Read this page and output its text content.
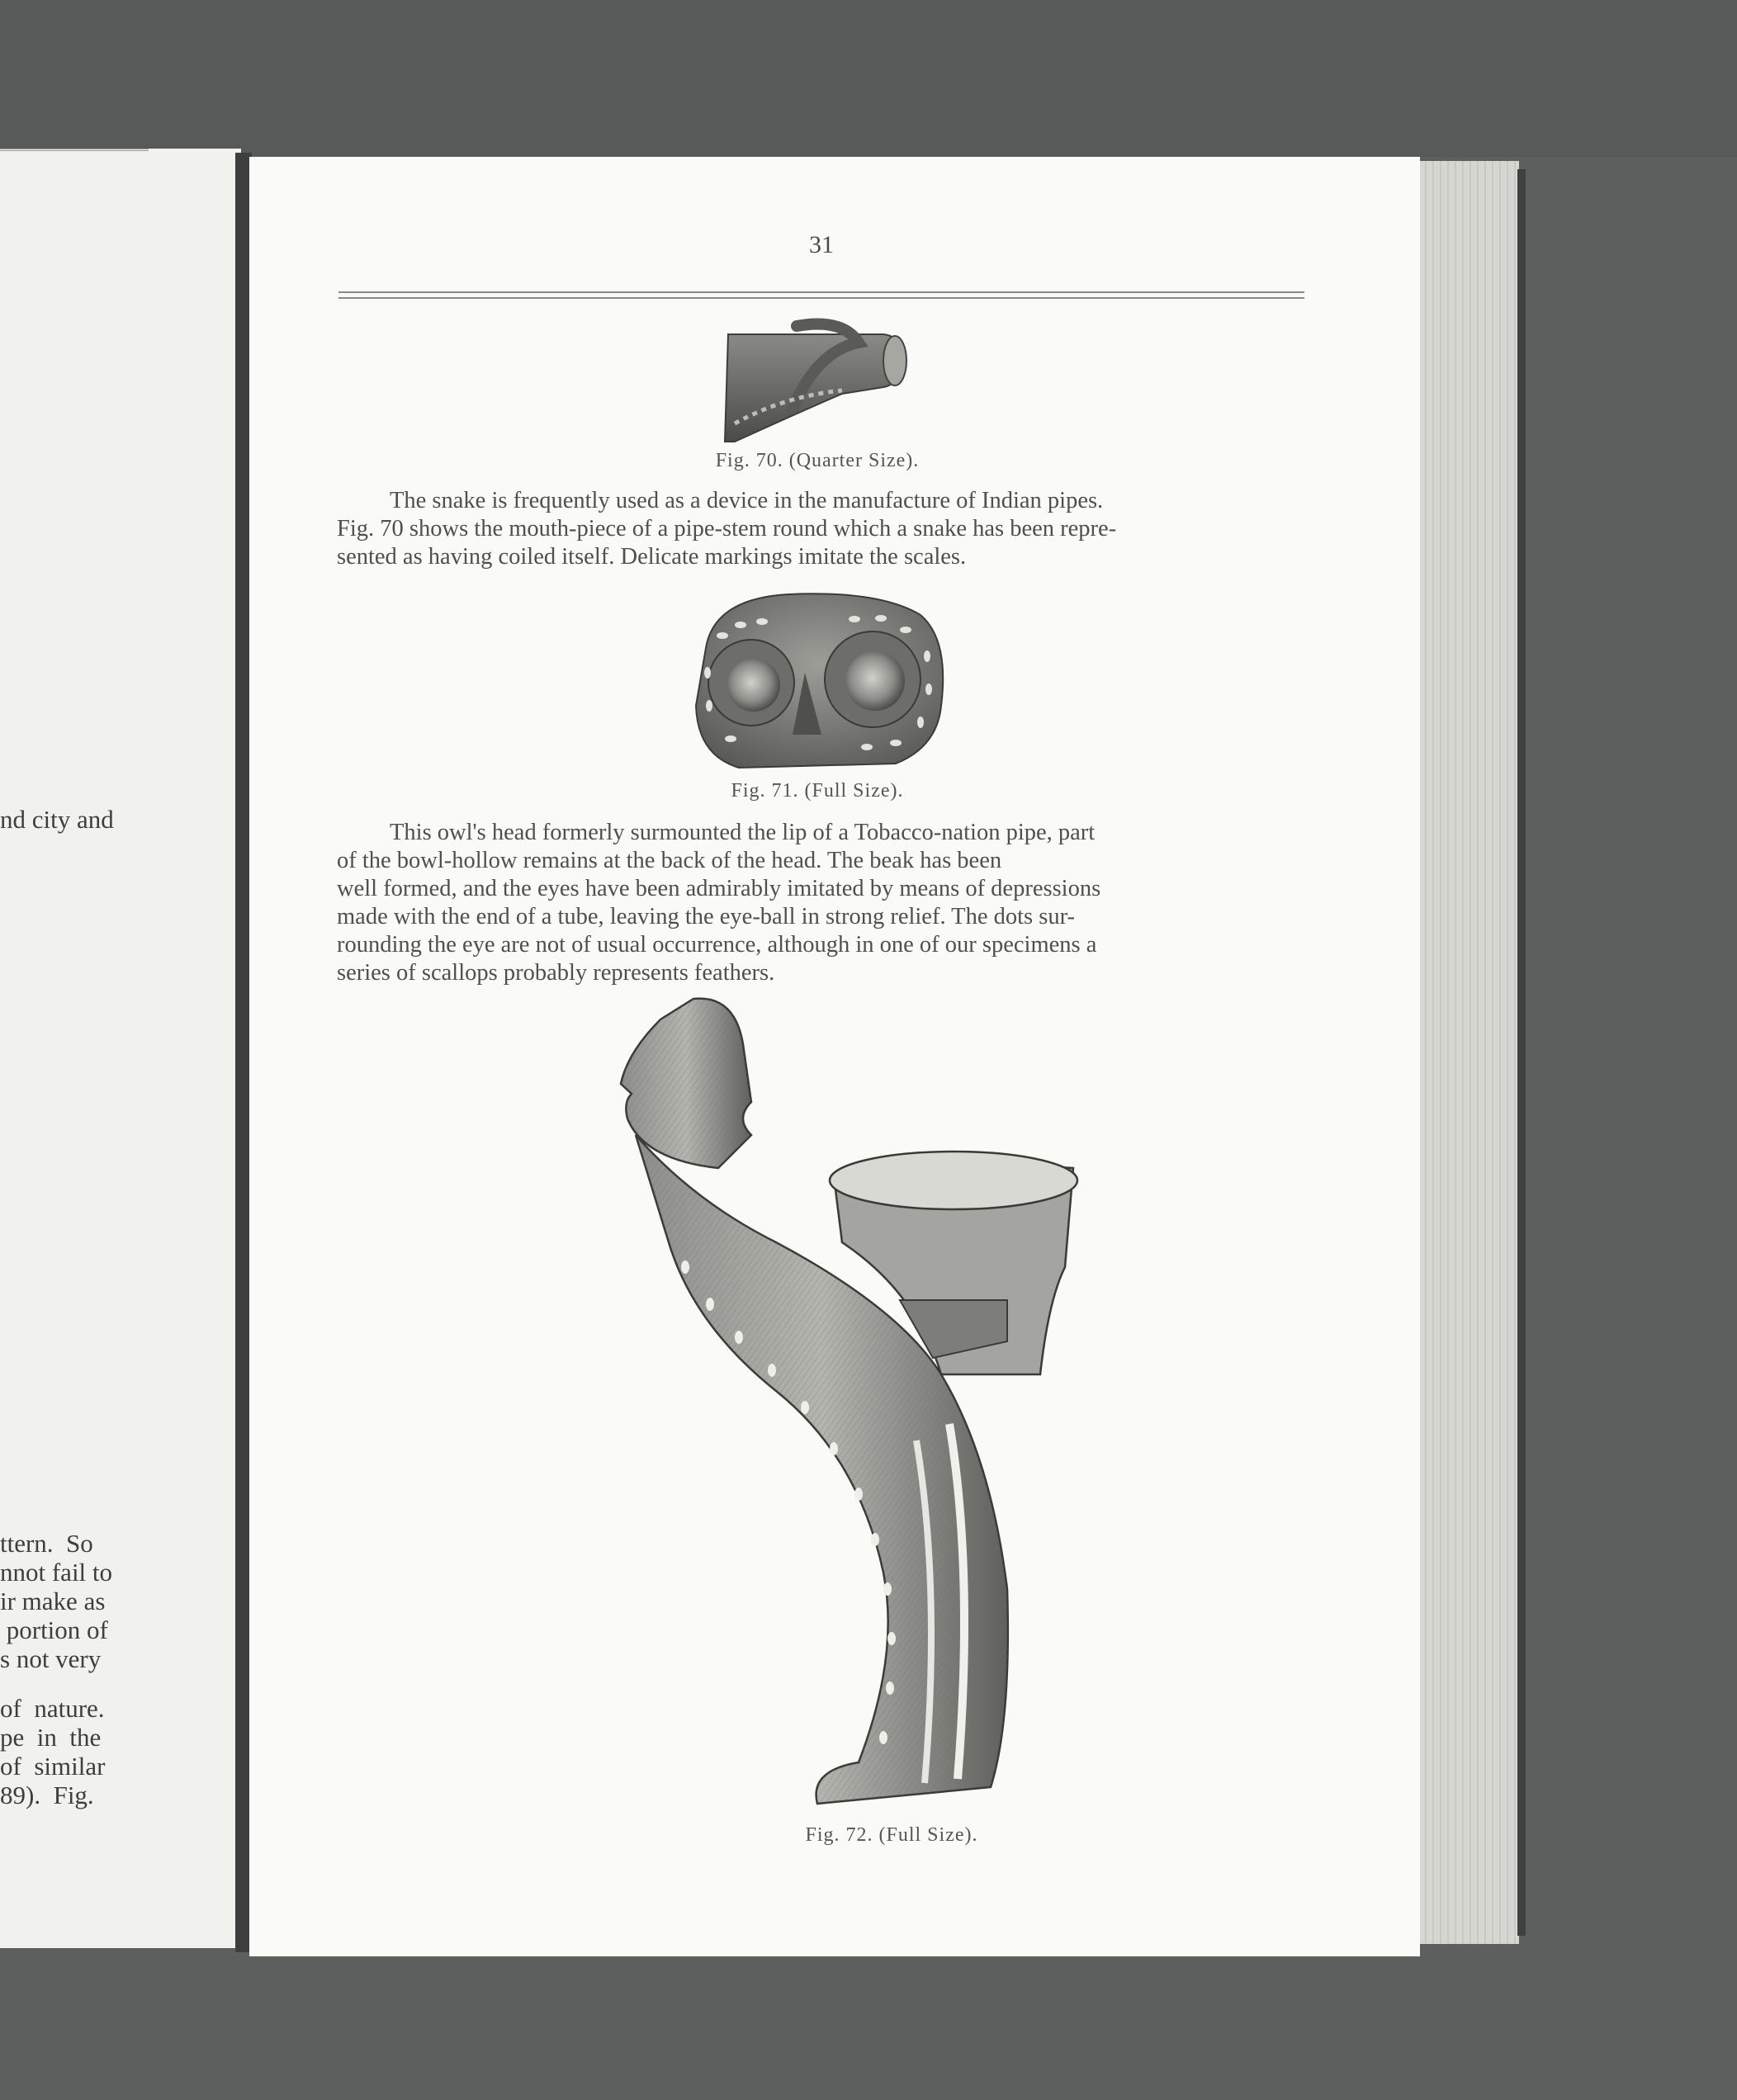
nd city and
ttern.  So
nnot fail to
ir make as
portion of
s not very
of  nature.
pe  in  the
of  similar
89).  Fig.
31
Fig. 70. (Quarter Size).
The snake is frequently used as a device in the manufacture of Indian pipes.
Fig. 70 shows the mouth-piece of a pipe-stem round which a snake has been repre-
sented as having coiled itself. Delicate markings imitate the scales.
Fig. 71. (Full Size).
This owl's head formerly surmounted the lip of a Tobacco-nation pipe, part
of the bowl-hollow remains at the back of the head. The beak has been
well formed, and the eyes have been admirably imitated by means of depressions
made with the end of a tube, leaving the eye-ball in strong relief. The dots sur-
rounding the eye are not of usual occurrence, although in one of our specimens a
series of scallops probably represents feathers.
Fig. 72. (Full Size).
